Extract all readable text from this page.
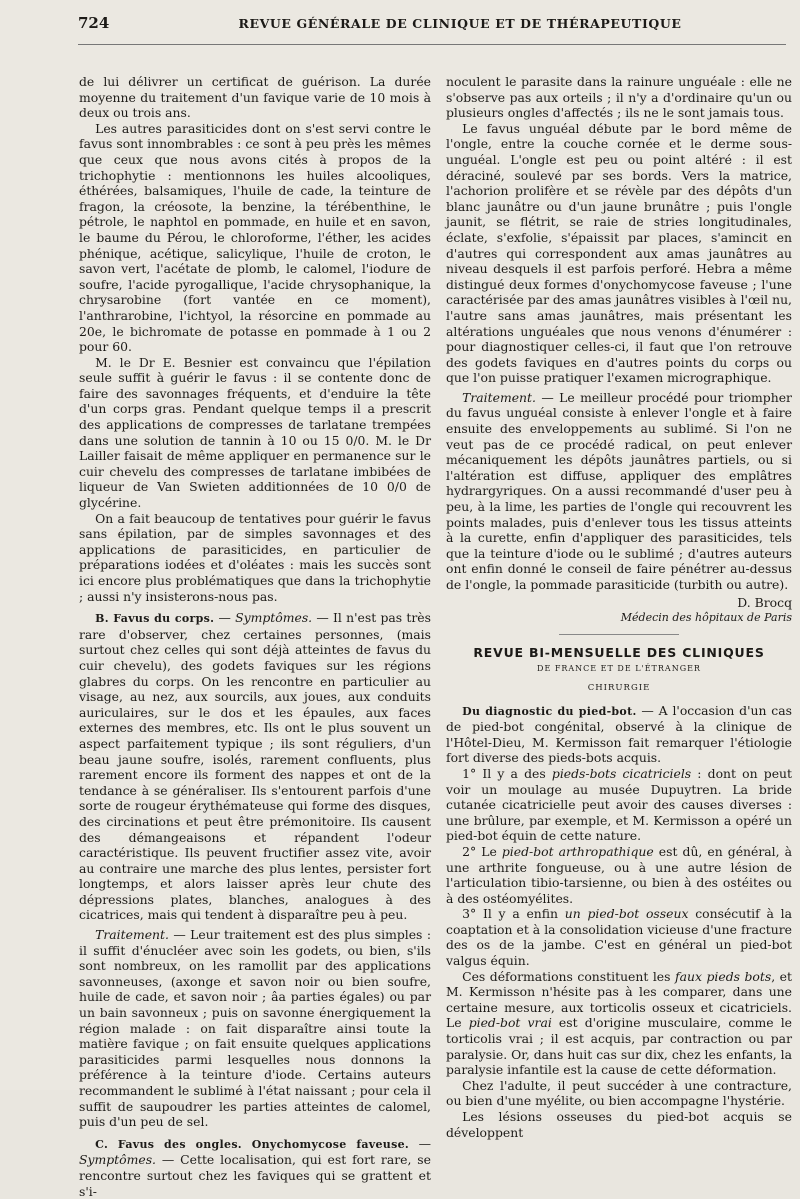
724	REVUE GÉNÉRALE DE CLINIQUE ET DE THÉRAPEUTIQUE

de lui délivrer un certificat de guérison. La durée moyenne du traitement d'un favique varie de 10 mois à deux ou trois ans.

Les autres parasiticides dont on s'est servi contre le favus sont innombrables : ce sont à peu près les mêmes que ceux que nous avons cités à propos de la trichophytie : mentionnons les huiles alcooliques, éthérées, balsamiques, l'huile de cade, la teinture de fragon, la créosote, la benzine, la térébenthine, le pétrole, le naphtol en pommade, en huile et en savon, le baume du Pérou, le chloroforme, l'éther, les acides phénique, acétique, salicylique, l'huile de croton, le savon vert, l'acétate de plomb, le calomel, l'iodure de soufre, l'acide pyrogallique, l'acide chrysophanique, la chrysarobine (fort vantée en ce moment), l'anthrarobine, l'ichtyol, la résorcine en pommade au 20e, le bichromate de potasse en pommade à 1 ou 2 pour 60.

M. le Dr E. Besnier est convaincu que l'épilation seule suffit à guérir le favus : il se contente donc de faire des savonnages fréquents, et d'enduire la tête d'un corps gras. Pendant quelque temps il a prescrit des applications de compresses de tarlatane trempées dans une solution de tannin à 10 ou 15 0/0. M. le Dr Lailler faisait de même appliquer en permanence sur le cuir chevelu des compresses de tarlatane imbibées de liqueur de Van Swieten additionnées de 10 0/0 de glycérine.

On a fait beaucoup de tentatives pour guérir le favus sans épilation, par de simples savonnages et des applications de parasiticides, en particulier de préparations iodées et d'oléates : mais les succès sont ici encore plus problématiques que dans la trichophytie ; aussi n'y insisterons-nous pas.

B. Favus du corps. — Symptômes. — Il n'est pas très rare d'observer, chez certaines personnes, (mais surtout chez celles qui sont déjà atteintes de favus du cuir chevelu), des godets faviques sur les régions glabres du corps. On les rencontre en particulier au visage, au nez, aux sourcils, aux joues, aux conduits auriculaires, sur le dos et les épaules, aux faces externes des membres, etc. Ils ont le plus souvent un aspect parfaitement typique ; ils sont réguliers, d'un beau jaune soufre, isolés, rarement confluents, plus rarement encore ils forment des nappes et ont de la tendance à se généraliser. Ils s'entourent parfois d'une sorte de rougeur érythémateuse qui forme des disques, des circinations et peut être prémonitoire. Ils causent des démangeaisons et répandent l'odeur caractéristique. Ils peuvent fructifier assez vite, avoir au contraire une marche des plus lentes, persister fort longtemps, et alors laisser après leur chute des dépressions plates, blanches, analogues à des cicatrices, mais qui tendent à disparaître peu à peu.

Traitement. — Leur traitement est des plus simples : il suffit d'énucléer avec soin les godets, ou bien, s'ils sont nombreux, on les ramollit par des applications savonneuses, (axonge et savon noir ou bien soufre, huile de cade, et savon noir ; âa parties égales) ou par un bain savonneux ; puis on savonne énergiquement la région malade : on fait disparaître ainsi toute la matière favique ; on fait ensuite quelques applications parasiticides parmi lesquelles nous donnons la préférence à la teinture d'iode. Certains auteurs recommandent le sublimé à l'état naissant ; pour cela il suffit de saupoudrer les parties atteintes de calomel, puis d'un peu de sel.

C. Favus des ongles. Onychomycose faveuse. — Symptômes. — Cette localisation, qui est fort rare, se rencontre surtout chez les faviques qui se grattent et s'i-

noculent le parasite dans la rainure unguéale : elle ne s'observe pas aux orteils ; il n'y a d'ordinaire qu'un ou plusieurs ongles d'affectés ; ils ne le sont jamais tous.

Le favus unguéal débute par le bord même de l'ongle, entre la couche cornée et le derme sous-unguéal. L'ongle est peu ou point altéré : il est déraciné, soulevé par ses bords. Vers la matrice, l'achorion prolifère et se révèle par des dépôts d'un blanc jaunâtre ou d'un jaune brunâtre ; puis l'ongle jaunit, se flétrit, se raie de stries longitudinales, éclate, s'exfolie, s'épaissit par places, s'amincit en d'autres qui correspondent aux amas jaunâtres au niveau desquels il est parfois perforé. Hebra a même distingué deux formes d'onychomycose faveuse ; l'une caractérisée par des amas jaunâtres visibles à l'œil nu, l'autre sans amas jaunâtres, mais présentant les altérations unguéales que nous venons d'énumérer : pour diagnostiquer celles-ci, il faut que l'on retrouve des godets faviques en d'autres points du corps ou que l'on puisse pratiquer l'examen micrographique.

Traitement. — Le meilleur procédé pour triompher du favus unguéal consiste à enlever l'ongle et à faire ensuite des enveloppements au sublimé. Si l'on ne veut pas de ce procédé radical, on peut enlever mécaniquement les dépôts jaunâtres partiels, ou si l'altération est diffuse, appliquer des emplâtres hydrargyriques. On a aussi recommandé d'user peu à peu, à la lime, les parties de l'ongle qui recouvrent les points malades, puis d'enlever tous les tissus atteints à la curette, enfin d'appliquer des parasiticides, tels que la teinture d'iode ou le sublimé ; d'autres auteurs ont enfin donné le conseil de faire pénétrer au-dessus de l'ongle, la pommade parasiticide (turbith ou autre).

D. Brocq
Médecin des hôpitaux de Paris
REVUE BI-MENSUELLE DES CLINIQUES
DE FRANCE ET DE L'ÉTRANGER
CHIRURGIE

Du diagnostic du pied-bot. — A l'occasion d'un cas de pied-bot congénital, observé à la clinique de l'Hôtel-Dieu, M. Kermisson fait remarquer l'étiologie fort diverse des pieds-bots acquis.

1° Il y a des pieds-bots cicatriciels : dont on peut voir un moulage au musée Dupuytren. La bride cutanée cicatricielle peut avoir des causes diverses : une brûlure, par exemple, et M. Kermisson a opéré un pied-bot équin de cette nature.

2° Le pied-bot arthropathique est dû, en général, à une arthrite fongueuse, ou à une autre lésion de l'articulation tibio-tarsienne, ou bien à des ostéites ou à des ostéomyélites.

3° Il y a enfin un pied-bot osseux consécutif à la coaptation et à la consolidation vicieuse d'une fracture des os de la jambe. C'est en général un pied-bot valgus équin.

Ces déformations constituent les faux pieds bots, et M. Kermisson n'hésite pas à les comparer, dans une certaine mesure, aux torticolis osseux et cicatriciels. Le pied-bot vrai est d'origine musculaire, comme le torticolis vrai ; il est acquis, par contraction ou par paralysie. Or, dans huit cas sur dix, chez les enfants, la paralysie infantile est la cause de cette déformation.

Chez l'adulte, il peut succéder à une contracture, ou bien d'une myélite, ou bien accompagne l'hystérie.

Les lésions osseuses du pied-bot acquis se développent
